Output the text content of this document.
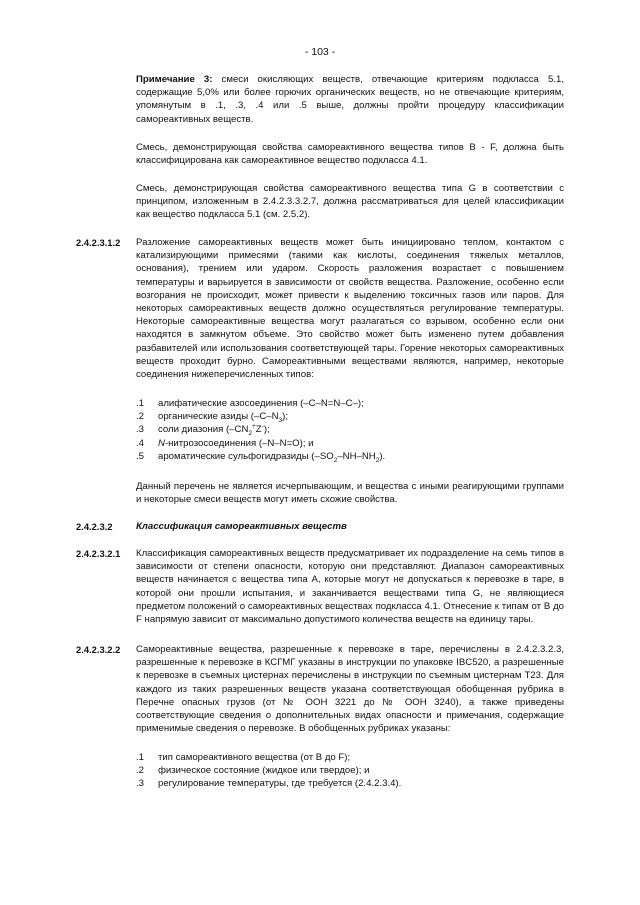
- 103 -
Примечание 3: смеси окисляющих веществ, отвечающие критериям подкласса 5.1, содержащие 5,0% или более горючих органических веществ, но не отвечающие критериям, упомянутым в .1, .3, .4 или .5 выше, должны пройти процедуру классификации самореактивных веществ.
Смесь, демонстрирующая свойства самореактивного вещества типов B - F, должна быть классифицирована как самореактивное вещество подкласса 4.1.
Смесь, демонстрирующая свойства самореактивного вещества типа G в соответствии с принципом, изложенным в 2.4.2.3.3.2.7, должна рассматриваться для целей классификации как вещество подкласса 5.1 (см. 2.5.2).
2.4.2.3.1.2 Разложение самореактивных веществ может быть инициировано теплом, контактом с катализирующими примесями (такими как кислоты, соединения тяжелых металлов, основания), трением или ударом. Скорость разложения возрастает с повышением температуры и варьируется в зависимости от свойств вещества. Разложение, особенно если возгорания не происходит, может привести к выделению токсичных газов или паров. Для некоторых самореактивных веществ должно осуществляться регулирование температуры. Некоторые самореактивные вещества могут разлагаться со взрывом, особенно если они находятся в замкнутом объеме. Это свойство может быть изменено путем добавления разбавителей или использования соответствующей тары. Горение некоторых самореактивных веществ проходит бурно. Самореактивными веществами являются, например, некоторые соединения нижеперечисленных типов:
.1	алифатические азосоединения (–C–N=N–C–);
.2	органические азиды $(-C-N_3)$;
.3	соли диазония $(-CN_2^+Z^-)$;
.4	N-нитрозосоединения (–N–N=O); и
.5	ароматические сульфогидразиды $(-SO_2-NH-NH_2)$.
Данный перечень не является исчерпывающим, и вещества с иными реагирующими группами и некоторые смеси веществ могут иметь схожие свойства.
2.4.2.3.2 Классификация самореактивных веществ
2.4.2.3.2.1 Классификация самореактивных веществ предусматривает их подразделение на семь типов в зависимости от степени опасности, которую они представляют. Диапазон самореактивных веществ начинается с вещества типа A, которые могут не допускаться к перевозке в таре, в которой они прошли испытания, и заканчивается веществами типа G, не являющиеся предметом положений о самореактивных веществах подкласса 4.1. Отнесение к типам от B до F напрямую зависит от максимально допустимого количества веществ на единицу тары.
2.4.2.3.2.2 Самореактивные вещества, разрешенные к перевозке в таре, перечислены в 2.4.2.3.2.3, разрешенные к перевозке в КСГМГ указаны в инструкции по упаковке IBC520, а разрешенные к перевозке в съемных цистернах перечислены в инструкции по съемным цистернам T23. Для каждого из таких разрешенных веществ указана соответствующая обобщенная рубрика в Перечне опасных грузов (от № ООН 3221 до № ООН 3240), а также приведены соответствующие сведения о дополнительных видах опасности и примечания, содержащие применимые сведения о перевозке. В обобщенных рубриках указаны:
.1	тип самореактивного вещества (от B до F);
.2	физическое состояние (жидкое или твердое); и
.3	регулирование температуры, где требуется (2.4.2.3.4).
